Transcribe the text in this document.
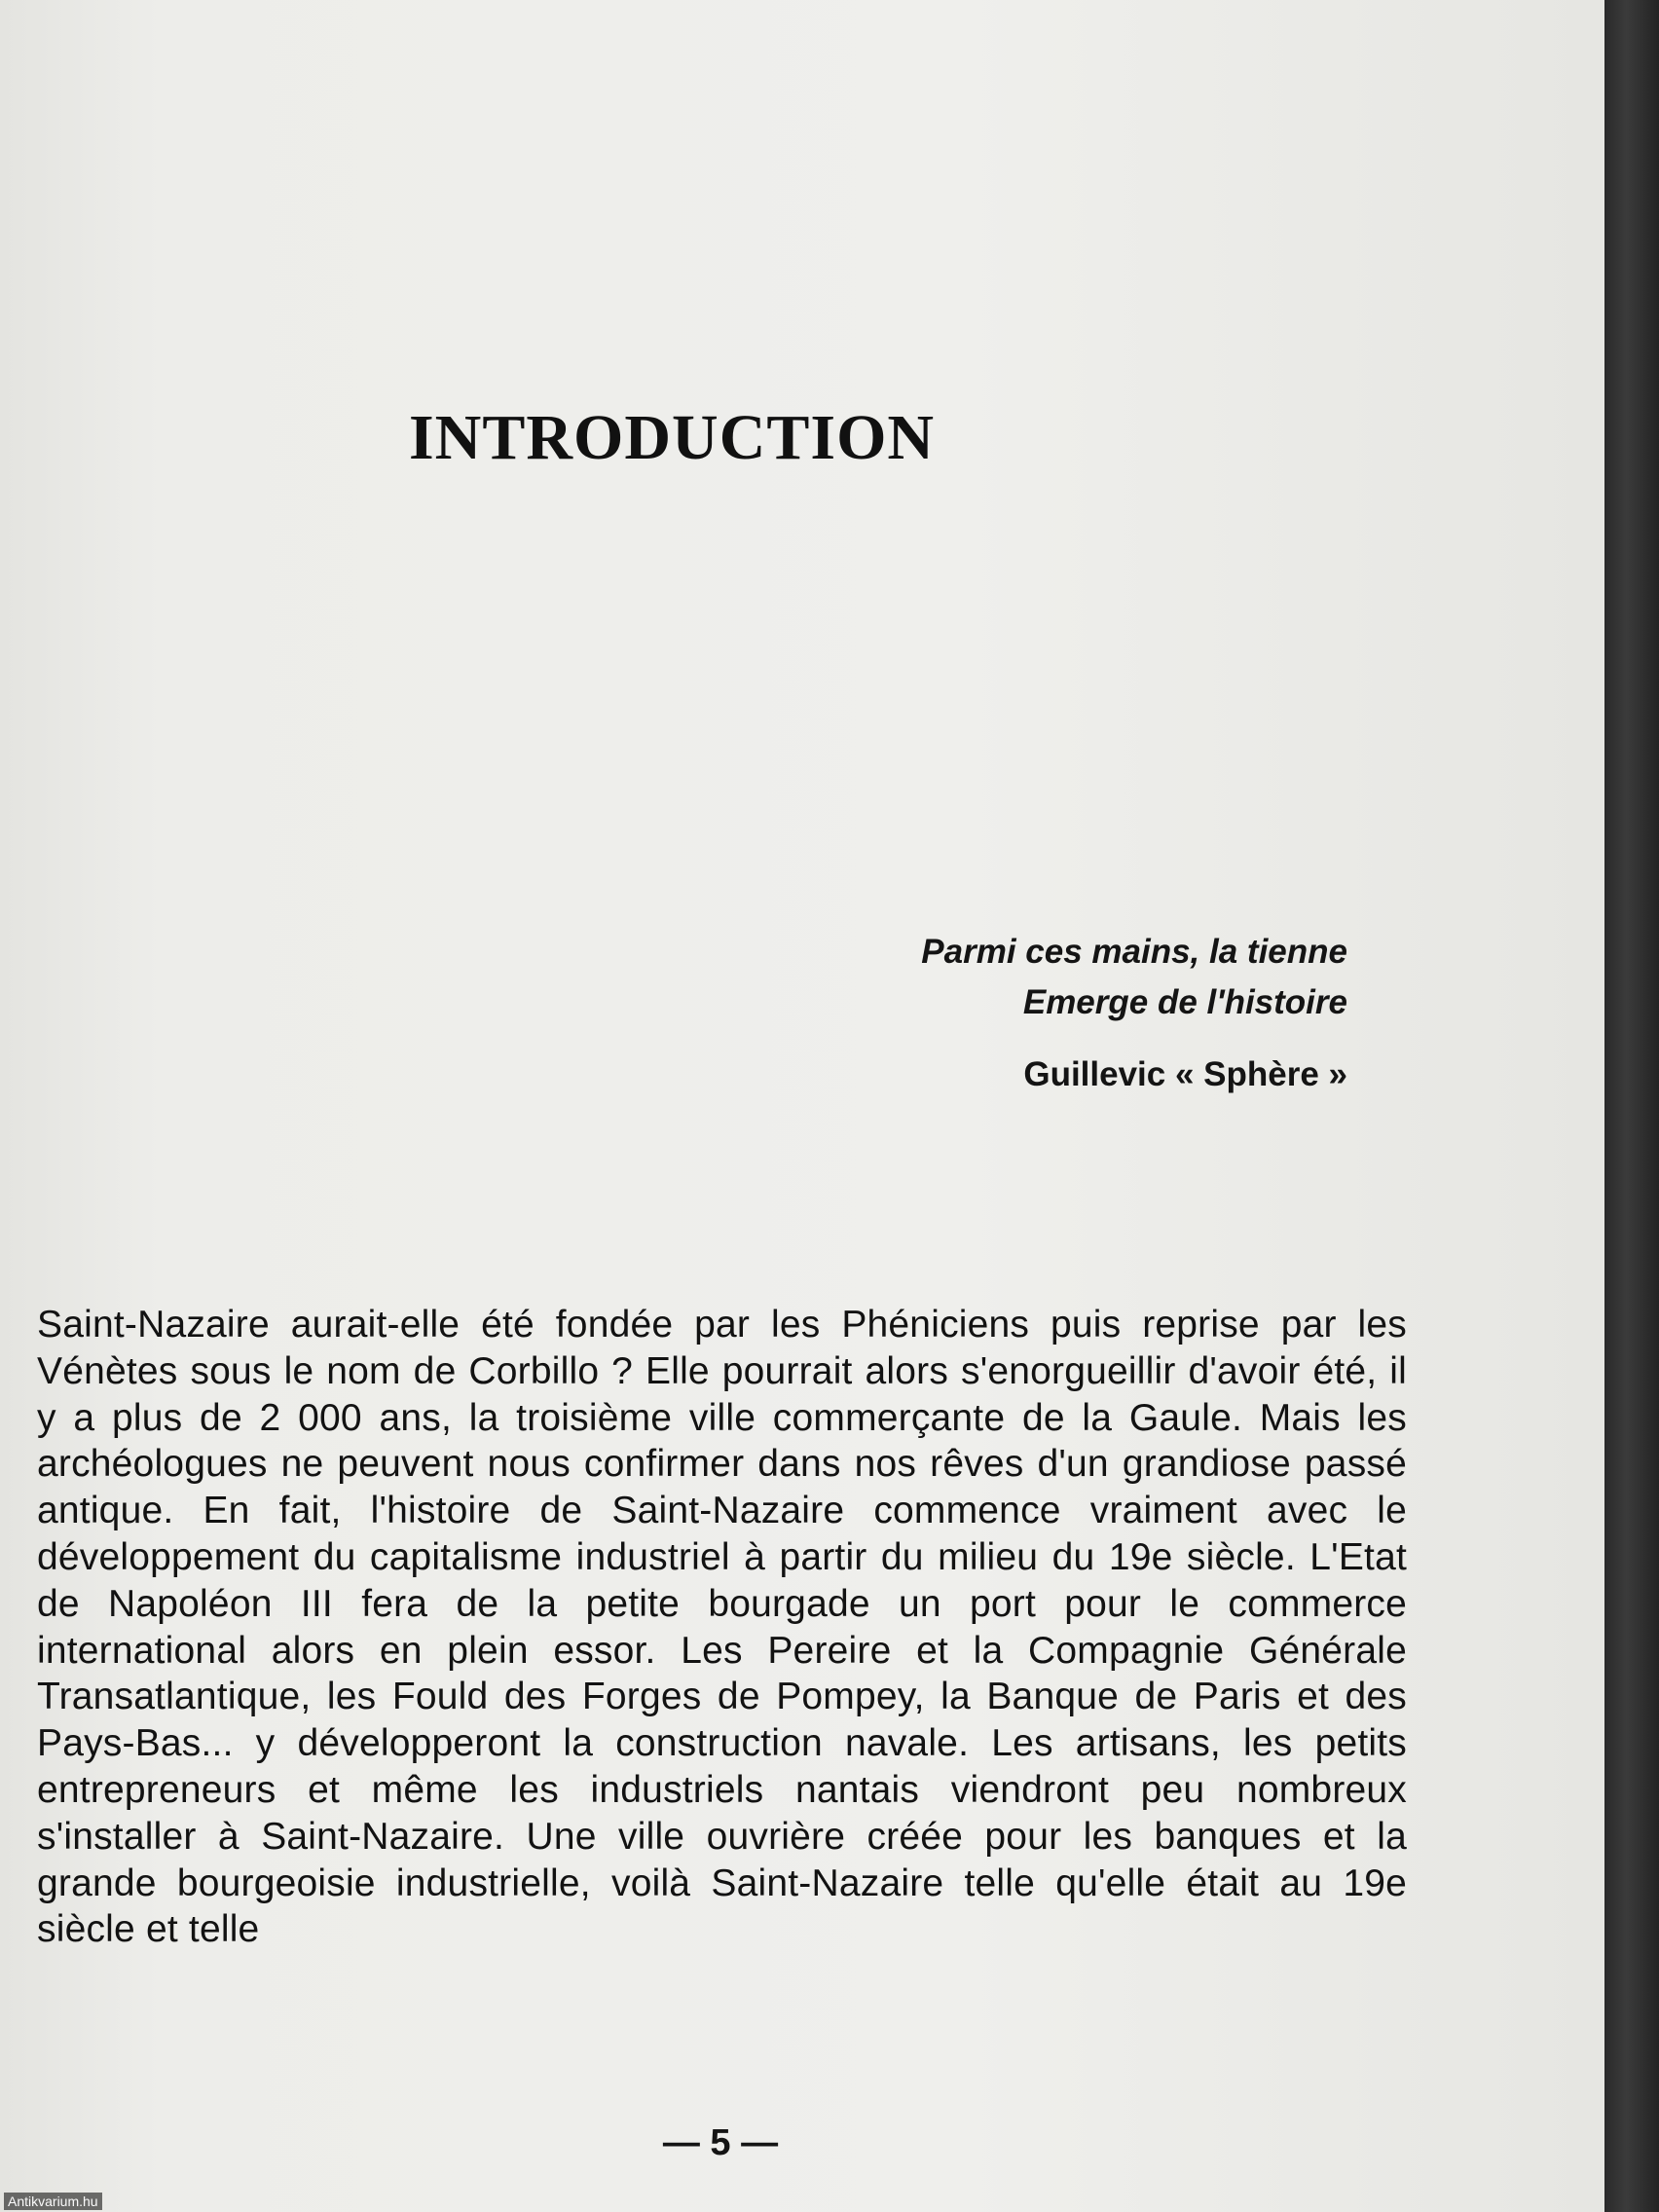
INTRODUCTION
Parmi ces mains, la tienne
Emerge de l'histoire
Guillevic « Sphère »

Saint-Nazaire aurait-elle été fondée par les Phéniciens puis reprise par les Vénètes sous le nom de Corbillo ? Elle pourrait alors s'enorgueillir d'avoir été, il y a plus de 2 000 ans, la troisième ville commerçante de la Gaule. Mais les archéologues ne peuvent nous confirmer dans nos rêves d'un grandiose passé antique. En fait, l'histoire de Saint-Nazaire commence vraiment avec le développement du capitalisme industriel à partir du milieu du 19e siècle. L'Etat de Napoléon III fera de la petite bourgade un port pour le commerce international alors en plein essor. Les Pereire et la Compagnie Générale Transatlantique, les Fould des Forges de Pompey, la Banque de Paris et des Pays-Bas... y développeront la construction navale. Les artisans, les petits entrepreneurs et même les industriels nantais viendront peu nombreux s'installer à Saint-Nazaire. Une ville ouvrière créée pour les banques et la grande bourgeoisie industrielle, voilà Saint-Nazaire telle qu'elle était au 19e siècle et telle

— 5 —
Antikvarium.hu
